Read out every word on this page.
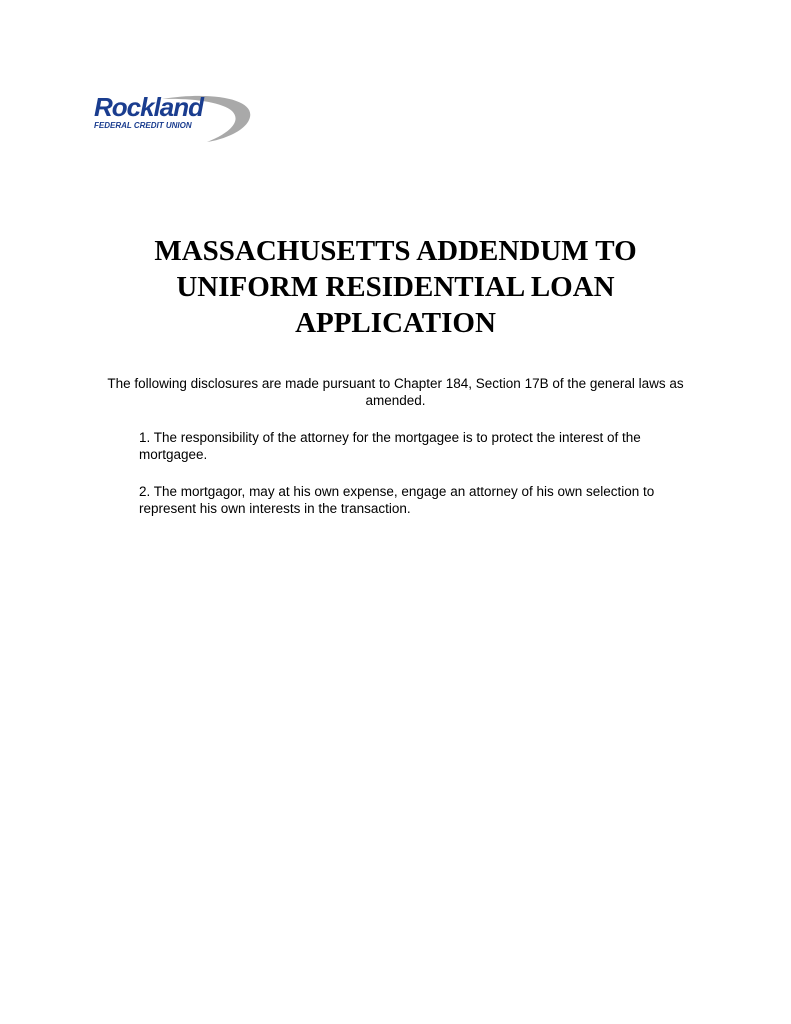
Rockland
FEDERAL CREDIT UNION
MASSACHUSETTS ADDENDUM TO UNIFORM RESIDENTIAL LOAN APPLICATION

The following disclosures are made pursuant to Chapter 184, Section 17B of the general laws as amended.

1. The responsibility of the attorney for the mortgagee is to protect the interest of the mortgagee.

2. The mortgagor, may at his own expense, engage an attorney of his own selection to represent his own interests in the transaction.
